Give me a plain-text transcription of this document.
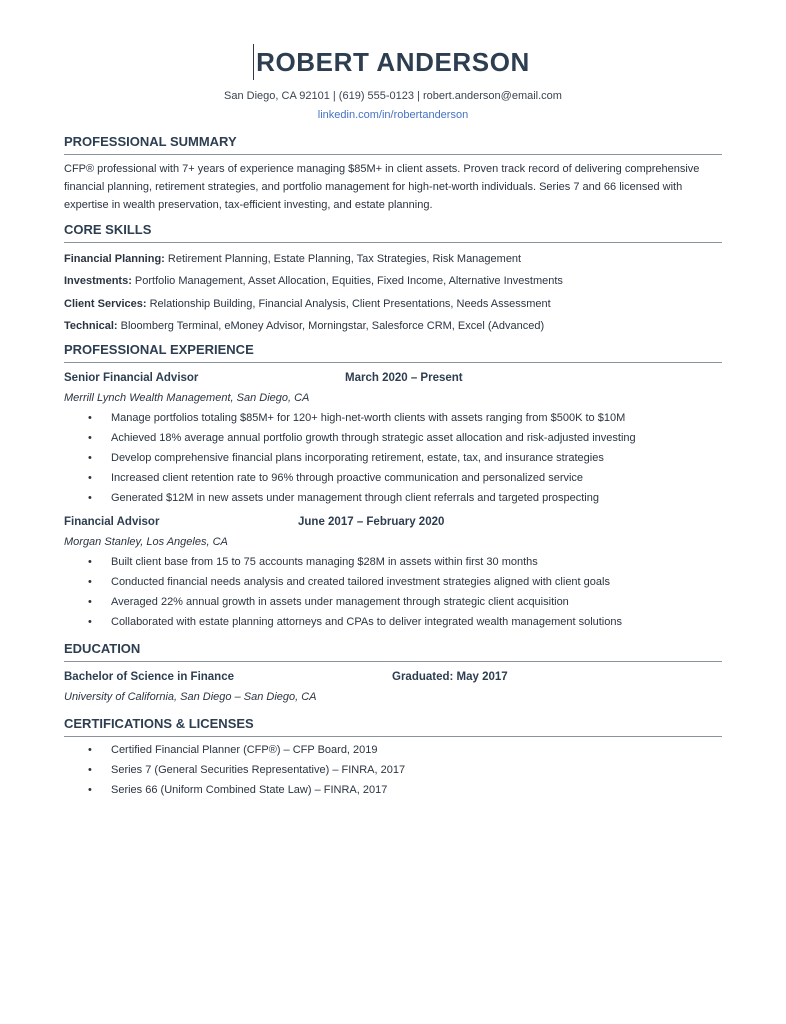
ROBERT ANDERSON
San Diego, CA 92101 | (619) 555-0123 | robert.anderson@email.com
linkedin.com/in/robertanderson
PROFESSIONAL SUMMARY
CFP® professional with 7+ years of experience managing $85M+ in client assets. Proven track record of delivering comprehensive financial planning, retirement strategies, and portfolio management for high-net-worth individuals. Series 7 and 66 licensed with expertise in wealth preservation, tax-efficient investing, and estate planning.
CORE SKILLS
Financial Planning: Retirement Planning, Estate Planning, Tax Strategies, Risk Management
Investments: Portfolio Management, Asset Allocation, Equities, Fixed Income, Alternative Investments
Client Services: Relationship Building, Financial Analysis, Client Presentations, Needs Assessment
Technical: Bloomberg Terminal, eMoney Advisor, Morningstar, Salesforce CRM, Excel (Advanced)
PROFESSIONAL EXPERIENCE
Senior Financial Advisor	March 2020 – Present
Merrill Lynch Wealth Management, San Diego, CA
• Manage portfolios totaling $85M+ for 120+ high-net-worth clients with assets ranging from $500K to $10M
• Achieved 18% average annual portfolio growth through strategic asset allocation and risk-adjusted investing
• Develop comprehensive financial plans incorporating retirement, estate, tax, and insurance strategies
• Increased client retention rate to 96% through proactive communication and personalized service
• Generated $12M in new assets under management through client referrals and targeted prospecting
Financial Advisor	June 2017 – February 2020
Morgan Stanley, Los Angeles, CA
• Built client base from 15 to 75 accounts managing $28M in assets within first 30 months
• Conducted financial needs analysis and created tailored investment strategies aligned with client goals
• Averaged 22% annual growth in assets under management through strategic client acquisition
• Collaborated with estate planning attorneys and CPAs to deliver integrated wealth management solutions
EDUCATION
Bachelor of Science in Finance	Graduated: May 2017
University of California, San Diego – San Diego, CA
CERTIFICATIONS & LICENSES
• Certified Financial Planner (CFP®) – CFP Board, 2019
• Series 7 (General Securities Representative) – FINRA, 2017
• Series 66 (Uniform Combined State Law) – FINRA, 2017
